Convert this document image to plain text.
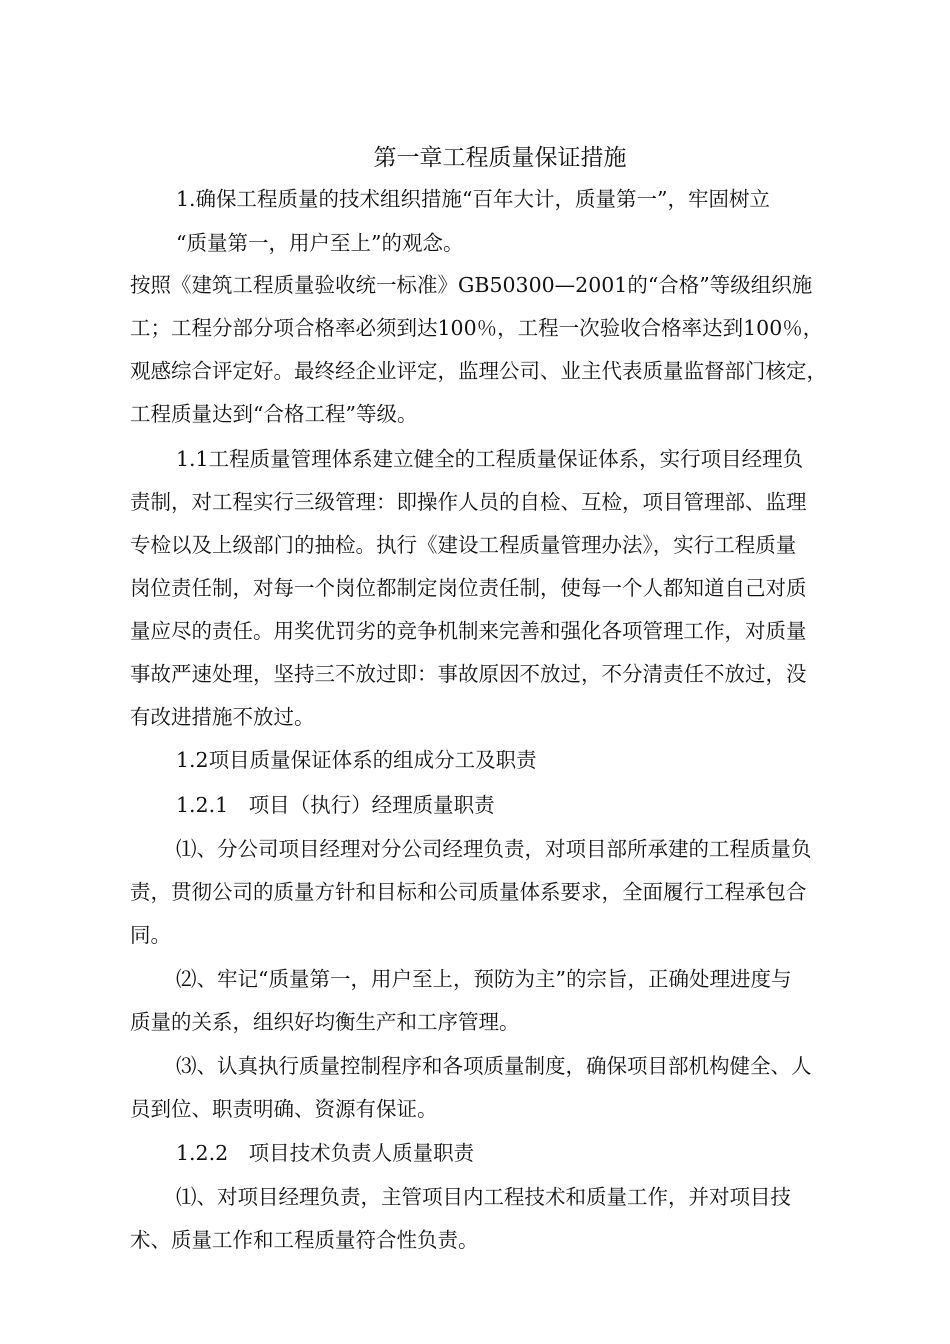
第一章工程质量保证措施
1.确保工程质量的技术组织措施“百年大计，质量第一”，牢固树立
“质量第一，用户至上”的观念。
按照《建筑工程质量验收统一标准》GB50300—2001的“合格”等级组织施
工；工程分部分项合格率必须到达100％，工程一次验收合格率达到100％，
观感综合评定好。最终经企业评定，监理公司、业主代表质量监督部门核定，
工程质量达到“合格工程”等级。
1.1工程质量管理体系建立健全的工程质量保证体系，实行项目经理负
责制，对工程实行三级管理：即操作人员的自检、互检，项目管理部、监理
专检以及上级部门的抽检。执行《建设工程质量管理办法》，实行工程质量
岗位责任制，对每一个岗位都制定岗位责任制，使每一个人都知道自己对质
量应尽的责任。用奖优罚劣的竞争机制来完善和强化各项管理工作，对质量
事故严速处理，坚持三不放过即：事故原因不放过，不分清责任不放过，没
有改进措施不放过。
1.2项目质量保证体系的组成分工及职责
1.2.1　项目（执行）经理质量职责
⑴、分公司项目经理对分公司经理负责，对项目部所承建的工程质量负
责，贯彻公司的质量方针和目标和公司质量体系要求，全面履行工程承包合
同。
⑵、牢记“质量第一，用户至上，预防为主”的宗旨，正确处理进度与
质量的关系，组织好均衡生产和工序管理。
⑶、认真执行质量控制程序和各项质量制度，确保项目部机构健全、人
员到位、职责明确、资源有保证。
1.2.2　项目技术负责人质量职责
⑴、对项目经理负责，主管项目内工程技术和质量工作，并对项目技
术、质量工作和工程质量符合性负责。
